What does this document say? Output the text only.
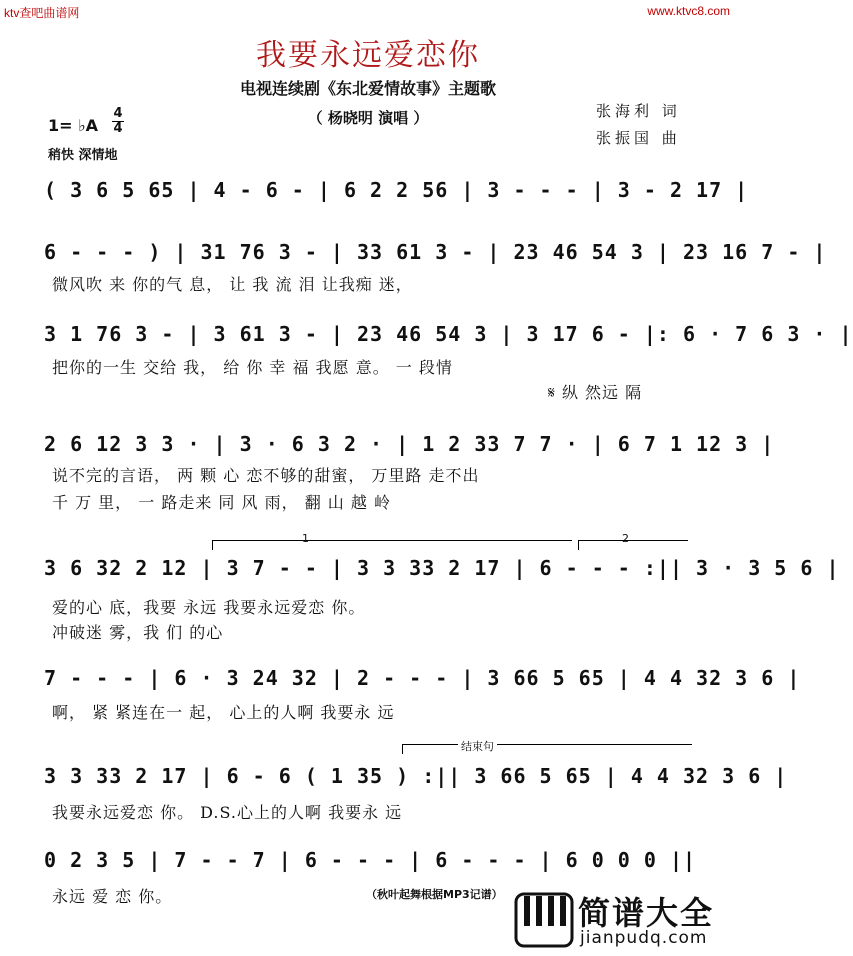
ktv查吧曲谱网	www.ktvc8.com
我要永远爱恋你
电视连续剧《东北爱情故事》主题歌
（ 杨晓明 演唱 ）	张海利 词
张振国 曲
1= ♭A
4
4
稍快 深情地
( 3 6 5 65 | 4 - 6 - | 6 2 2 56 | 3 - - - | 3 - 2 17 |
6 - - - ) | 31 76 3 - | 33 61 3 - | 23 46 54 3 | 23 16 7 - |
微风吹 来 你的气 息， 让 我 流 泪 让我痴 迷，
3 1 76 3 - | 3 61 3 - | 23 46 54 3 | 3 17 6 - |: 6 · 7 6 3 · |
把你的一生 交给 我， 给 你 幸 福 我愿 意。 一 段情
𝄋 纵 然远 隔
2 6 12 3 3 · | 3 · 6 3 2 · | 1 2 33 7 7 · | 6 7 1 12 3 |
说不完的言语， 两 颗 心 恋不够的甜蜜， 万里路 走不出
千 万 里， 一 路走来 同 风 雨， 翻 山 越 岭
1	2
3 6 32 2 12 | 3 7 - - | 3 3 33 2 17 | 6 - - - :|| 3 · 3 5 6 |
爱的心 底，我要 永远 我要永远爱恋 你。
冲破迷 雾，我 们 的心
7 - - - | 6 · 3 24 32 | 2 - - - | 3 66 5 65 | 4 4 32 3 6 |
啊， 紧 紧连在一 起， 心上的人啊 我要永 远
结束句
3 3 33 2 17 | 6 - 6 ( 1 35 ) :|| 3 66 5 65 | 4 4 32 3 6 |
我要永远爱恋 你。 D.S.心上的人啊 我要永 远
0 2 3 5 | 7 - - 7 | 6 - - - | 6 - - - | 6 0 0 0 ||
永远 爱 恋 你。	（秋叶起舞根据MP3记谱） 简谱大全
jianpudq.com
